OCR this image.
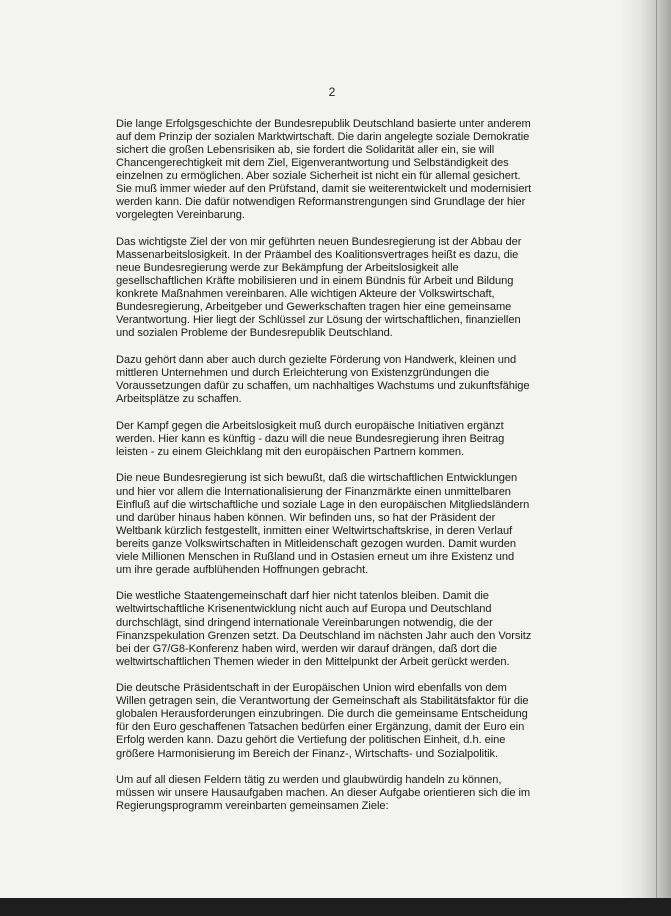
2

Die lange Erfolgsgeschichte der Bundesrepublik Deutschland basierte unter anderem auf dem Prinzip der sozialen Marktwirtschaft. Die darin angelegte soziale Demokratie sichert die großen Lebensrisiken ab, sie fordert die Solidarität aller ein, sie will Chancengerechtigkeit mit dem Ziel, Eigenverantwortung und Selbständigkeit des einzelnen zu ermöglichen. Aber soziale Sicherheit ist nicht ein für allemal gesichert. Sie muß immer wieder auf den Prüfstand, damit sie weiterentwickelt und modernisiert werden kann. Die dafür notwendigen Reformanstrengungen sind Grundlage der hier vorgelegten Vereinbarung.

Das wichtigste Ziel der von mir geführten neuen Bundesregierung ist der Abbau der Massenarbeitslosigkeit. In der Präambel des Koalitionsvertrages heißt es dazu, die neue Bundesregierung werde zur Bekämpfung der Arbeitslosigkeit alle gesellschaftlichen Kräfte mobilisieren und in einem Bündnis für Arbeit und Bildung konkrete Maßnahmen vereinbaren. Alle wichtigen Akteure der Volkswirtschaft, Bundesregierung, Arbeitgeber und Gewerkschaften tragen hier eine gemeinsame Verantwortung. Hier liegt der Schlüssel zur Lösung der wirtschaftlichen, finanziellen und sozialen Probleme der Bundesrepublik Deutschland.

Dazu gehört dann aber auch durch gezielte Förderung von Handwerk, kleinen und mittleren Unternehmen und durch Erleichterung von Existenzgründungen die Voraussetzungen dafür zu schaffen, um nachhaltiges Wachstums und zukunftsfähige Arbeitsplätze zu schaffen.

Der Kampf gegen die Arbeitslosigkeit muß durch europäische Initiativen ergänzt werden. Hier kann es künftig - dazu will die neue Bundesregierung ihren Beitrag leisten - zu einem Gleichklang mit den europäischen Partnern kommen.

Die neue Bundesregierung ist sich bewußt, daß die wirtschaftlichen Entwicklungen und hier vor allem die Internationalisierung der Finanzmärkte einen unmittelbaren Einfluß auf die wirtschaftliche und soziale Lage in den europäischen Mitgliedsländern und darüber hinaus haben können. Wir befinden uns, so hat der Präsident der Weltbank kürzlich festgestellt, inmitten einer Weltwirtschaftskrise, in deren Verlauf bereits ganze Volkswirtschaften in Mitleidenschaft gezogen wurden. Damit wurden viele Millionen Menschen in Rußland und in Ostasien erneut um ihre Existenz und um ihre gerade aufblühenden Hoffnungen gebracht.

Die westliche Staatengemeinschaft darf hier nicht tatenlos bleiben. Damit die weltwirtschaftliche Krisenentwicklung nicht auch auf Europa und Deutschland durchschlägt, sind dringend internationale Vereinbarungen notwendig, die der Finanzspekulation Grenzen setzt. Da Deutschland im nächsten Jahr auch den Vorsitz bei der G7/G8-Konferenz haben wird, werden wir darauf drängen, daß dort die weltwirtschaftlichen Themen wieder in den Mittelpunkt der Arbeit gerückt werden.

Die deutsche Präsidentschaft in der Europäischen Union wird ebenfalls von dem Willen getragen sein, die Verantwortung der Gemeinschaft als Stabilitätsfaktor für die globalen Herausforderungen einzubringen. Die durch die gemeinsame Entscheidung für den Euro geschaffenen Tatsachen bedürfen einer Ergänzung, damit der Euro ein Erfolg werden kann. Dazu gehört die Vertiefung der politischen Einheit, d.h. eine größere Harmonisierung im Bereich der Finanz-, Wirtschafts- und Sozialpolitik.

Um auf all diesen Feldern tätig zu werden und glaubwürdig handeln zu können, müssen wir unsere Hausaufgaben machen. An dieser Aufgabe orientieren sich die im Regierungsprogramm vereinbarten gemeinsamen Ziele:
